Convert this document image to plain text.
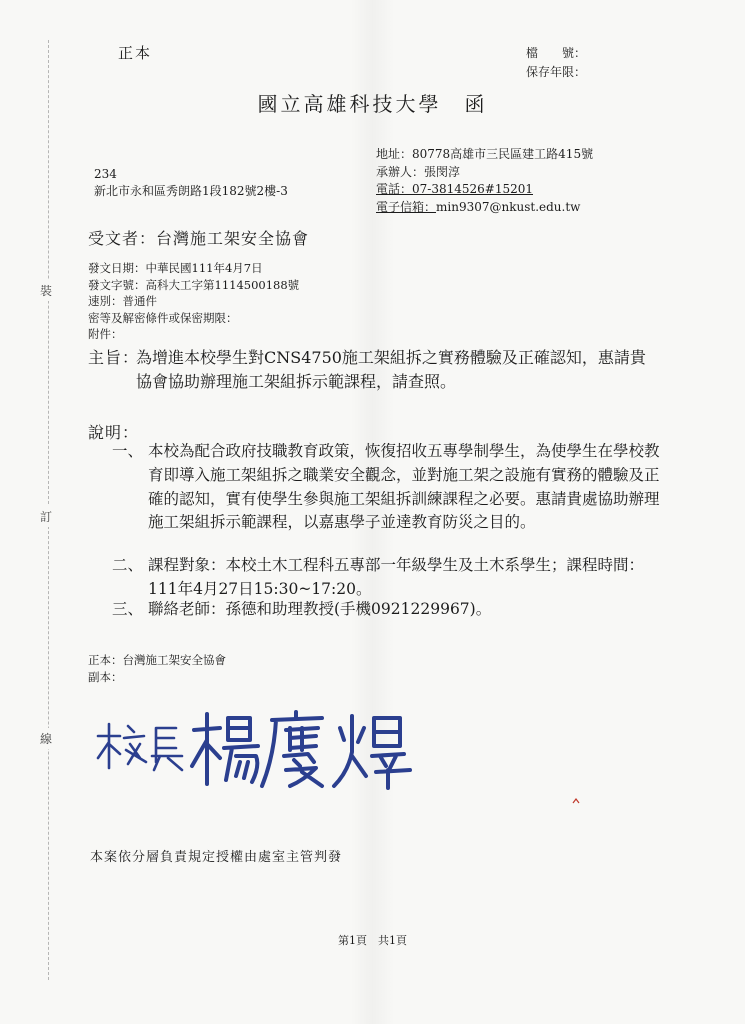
裝
訂
線
正本	檔　　號：
保存年限：
國立高雄科技大學　函
地址：80778高雄市三民區建工路415號
承辦人：張閔淳
電話：07-3814526#15201
電子信箱：min9307@nkust.edu.tw
234
新北市永和區秀朗路1段182號2樓-3
受文者：台灣施工架安全協會
發文日期：中華民國111年4月7日
發文字號：高科大工字第1114500188號
速別：普通件
密等及解密條件或保密期限：
附件：
主旨：
為增進本校學生對CNS4750施工架組拆之實務體驗及正確認知，惠請貴協會協助辦理施工架組拆示範課程，請查照。
說明：
一、 本校為配合政府技職教育政策，恢復招收五專學制學生，為使學生在學校教育即導入施工架組拆之職業安全觀念，並對施工架之設施有實務的體驗及正確的認知，實有使學生參與施工架組拆訓練課程之必要。惠請貴處協助辦理施工架組拆示範課程，以嘉惠學子並達教育防災之目的。
二、 課程對象：本校土木工程科五專部一年級學生及土木系學生；課程時間：111年4月27日15:30~17:20。
三、 聯絡老師：孫德和助理教授(手機0921229967)。
正本：台灣施工架安全協會
副本：
本案依分層負責規定授權由處室主管判發
第1頁　共1頁
